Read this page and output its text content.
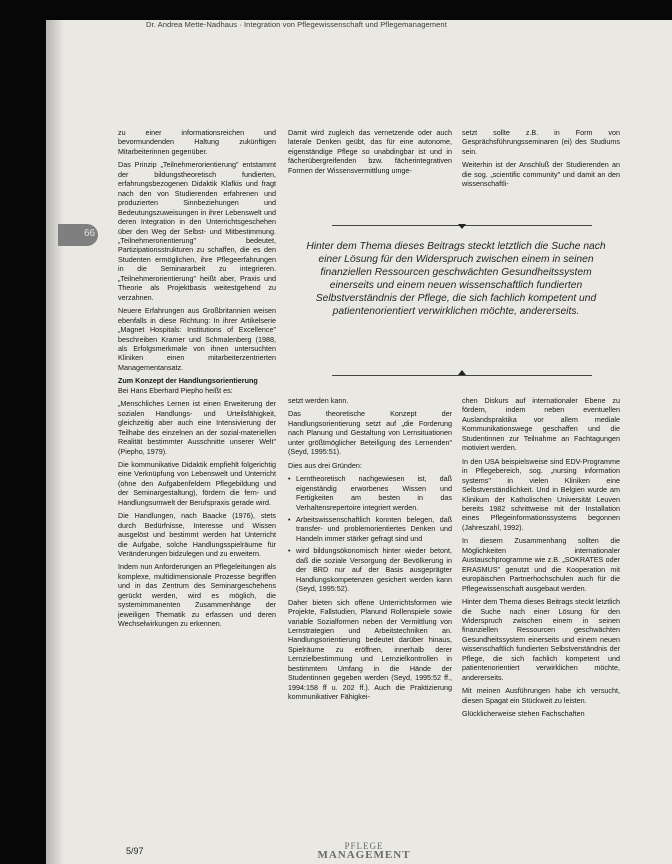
Dr. Andrea Mette-Nadhaus · Integration von Pflegewissenschaft und Pflegemanagement
66

zu einer informationsreichen und bevormundenden Haltung zukünftigen Mitarbeiterinnen gegenüber.

Das Prinzip „Teilnehmerorientierung" entstammt der bildungstheoretisch fundierten, erfahrungsbezogenen Didaktik Klafkis und fragt nach den von Studierenden erfahrenen und produzierten Sinnbeziehungen und Bedeutungszuweisungen in ihrer Lebenswelt und deren Integration in den Unterrichtsgeschehen über den Weg der Selbst- und Mitbestimmung. „Teilnehmerorientierung" bedeutet, Partizipationsstrukturen zu schaffen, die es den Studenten ermöglichen, ihre Pflegeerfahrungen in die Seminararbeit zu integrieren. „Teilnehmerorientierung" heißt aber, Praxis und Theorie als Projektbasis weitestgehend zu verzahnen.

Neuere Erfahrungen aus Großbritannien weisen ebenfalls in diese Richtung: In ihrer Artikelserie „Magnet Hospitals: Institutions of Excellence" beschreiben Kramer und Schmalenberg (1988, als Erfolgsmerkmale von ihnen untersuchten Kliniken einen mitarbeiterzentrierten Managementansatz.

Zum Konzept der Handlungsorientierung

Bei Hans Eberhard Piepho heißt es:

„Menschliches Lernen ist einen Erweiterung der sozialen Handlungs- und Urteilsfähigkeit, gleichzeitig aber auch eine Intensivierung der Teilhabe des einzelnen an der sozial-materiellen Realität bestimmter Ausschnitte unserer Welt" (Piepho, 1979).

Die kommunikative Didaktik empfiehlt folgerichtig eine Verknüpfung von Lebenswelt und Unterricht (ohne den Aufgabenfeldern Pflegebildung und der Seminargestaltung), fördern die fern- und Handlungsumwelt der Berufspraxis gerade wird.

Die Handlungen, nach Baacke (1976), stets durch Bedürfnisse, Interesse und Wissen ausgelöst und bestimmt werden hat Unterricht die Aufgabe, solche Handlungsspielräume für Veränderungen bidzulegen und zu erweitern.

Indem nun Anforderungen an Pflegeleitungen als komplexe, multidimensionale Prozesse begriffen und in das Zentrum des Seminargeschehens gerückt werden, wird es möglich, die systemimmanenten Zusammenhänge der jeweiligen Thematik zu erfassen und deren Wechselwirkungen zu erkennen.

Damit wird zugleich das vernetzende oder auch laterale Denken geübt, das für eine autonome, eigenständige Pflege so unabdingbar ist und in fächerübergreifenden bzw. fächerintegrativen Formen der Wissensvermittlung umge-

setzt sollte z.B. in Form von Gesprächsführungsseminaren (ei) des Studiums sein.

Weiterhin ist der Anschluß der Studierenden an die sog. „scientific community" und damit an den wissenschaftli-

Hinter dem Thema dieses Beitrags steckt letztlich die Suche nach einer Lösung für den Widerspruch zwischen einem in seinen finanziellen Ressourcen geschwächten Gesundheitssystem einerseits und einem neuen wissenschaftlich fundierten Selbstverständnis der Pflege, die sich fachlich kompetent und patientenorientiert verwirklichen möchte, andererseits.

setzt werden kann.

Das theoretische Konzept der Handlungsorientierung setzt auf „die Forderung nach Planung und Gestaltung von Lernsituationen unter größtmöglicher Beteiligung des Lernenden" (Seyd, 1995:51).

Dies aus drei Gründen:

• Lerntheoretisch nachgewiesen ist, daß eigenständig erworbenes Wissen und Fertigkeiten am besten in das Verhaltensrepertoire integriert werden.
• Arbeitswissenschaftlich konnten belegen, daß transfer- und problemorientiertes Denken und Handeln immer stärker gefragt sind und
• wird bildungsökonomisch hinter wieder betont, daß die soziale Versorgung der Bevölkerung in der BRD nur auf der Basis ausgeprägter Handlungskompetenzen gesichert werden kann (Seyd, 1995:52).

Daher bieten sich offene Unterrichtsformen wie Projekte, Fallstudien, Planund Rollenspiele sowie variable Sozialformen neben der Vermittlung von Lernstrategien und Arbeitstechniken an. Handlungsorientierung bedeutet darüber hinaus, Spielräume zu eröffnen, innerhalb derer Lernzielbestimmung und Lernzielkontrollen in bestimmtem Umfang in die Hände der Studentinnen gegeben werden (Seyd, 1995:52 ff., 1994:158 ff u. 202 ff.). Auch die Praktizierung kommunikativer Fähigkei-

chen Diskurs auf internationaler Ebene zu fördern, indem neben eventuellen Auslandspraktika vor allem mediale Kommunikationswege geschaffen und die Studentinnen zur Teilnahme an Fachtagungen motiviert werden.

In den USA beispielsweise sind EDV-Programme in Pflegebereich, sog. „nursing information systems" in vielen Kliniken eine Selbstverständlichkeit. Und in Belgien wurde am Klinikum der Katholischen Universität Leuven bereits 1982 schrittweise mit der Installation eines Pflegeinformationssystems begonnen (Jahreszahl, 1992).

In diesem Zusammenhang sollten die Möglichkeiten internationaler Austauschprogramme wie z.B. „SOKRATES oder ERASMUS" genutzt und die Kooperation mit europäischen Partnerhochschulen auch für die Pflegewissenschaft ausgebaut werden.

Hinter dem Thema dieses Beitrags steckt letztlich die Suche nach einer Lösung für den Widerspruch zwischen einem in seinen finanziellen Ressourcen geschwächten Gesundheitssystem einerseits und einem neuen wissenschaftlich fundierten Selbstverständnis der Pflege, die sich fachlich kompetent und patientenorientiert verwirklichen möchte, andererseits.

Mit meinen Ausführungen habe ich versucht, diesen Spagat ein Stückweit zu leisten.

Glücklicherweise stehen Fachschaften

5/97	PFLEGE
MANAGEMENT
